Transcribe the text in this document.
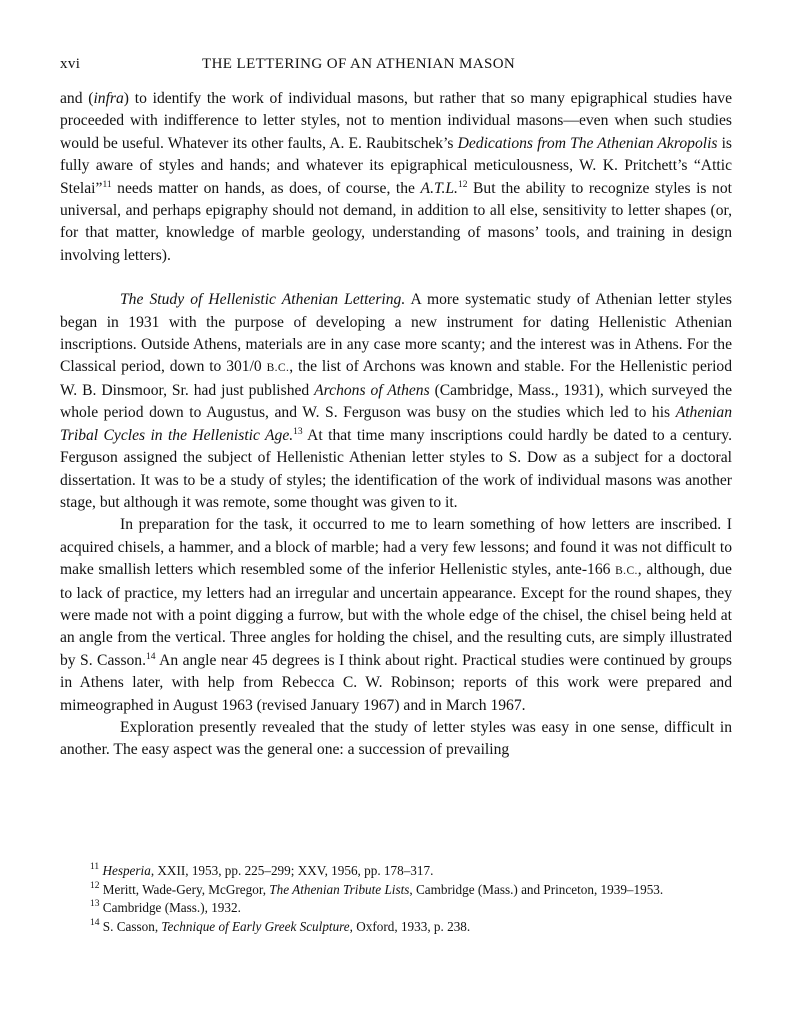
xvi	THE LETTERING OF AN ATHENIAN MASON

and (infra) to identify the work of individual masons, but rather that so many epigraphical studies have proceeded with indifference to letter styles, not to mention individual masons—even when such studies would be useful. Whatever its other faults, A. E. Raubitschek’s Dedications from The Athenian Akropolis is fully aware of styles and hands; and whatever its epigraphical meticulousness, W. K. Pritchett’s “Attic Stelai”$^{11}$ needs matter on hands, as does, of course, the A.T.L.$^{12}$ But the ability to recognize styles is not universal, and perhaps epigraphy should not demand, in addition to all else, sensitivity to letter shapes (or, for that matter, knowledge of marble geology, understanding of masons’ tools, and training in design involving letters).

The Study of Hellenistic Athenian Lettering. A more systematic study of Athenian letter styles began in 1931 with the purpose of developing a new instrument for dating Hellenistic Athenian inscriptions. Outside Athens, materials are in any case more scanty; and the interest was in Athens. For the Classical period, down to 301/0 B.C., the list of Archons was known and stable. For the Hellenistic period W. B. Dinsmoor, Sr. had just published Archons of Athens (Cambridge, Mass., 1931), which surveyed the whole period down to Augustus, and W. S. Ferguson was busy on the studies which led to his Athenian Tribal Cycles in the Hellenistic Age.$^{13}$ At that time many inscriptions could hardly be dated to a century. Ferguson assigned the subject of Hellenistic Athenian letter styles to S. Dow as a subject for a doctoral dissertation. It was to be a study of styles; the identification of the work of individual masons was another stage, but although it was remote, some thought was given to it.

In preparation for the task, it occurred to me to learn something of how letters are inscribed. I acquired chisels, a hammer, and a block of marble; had a very few lessons; and found it was not difficult to make smallish letters which resembled some of the inferior Hellenistic styles, ante-166 B.C., although, due to lack of practice, my letters had an irregular and uncertain appearance. Except for the round shapes, they were made not with a point digging a furrow, but with the whole edge of the chisel, the chisel being held at an angle from the vertical. Three angles for holding the chisel, and the resulting cuts, are simply illustrated by S. Casson.$^{14}$ An angle near 45 degrees is I think about right. Practical studies were continued by groups in Athens later, with help from Rebecca C. W. Robinson; reports of this work were prepared and mimeographed in August 1963 (revised January 1967) and in March 1967.

Exploration presently revealed that the study of letter styles was easy in one sense, difficult in another. The easy aspect was the general one: a succession of prevailing

$^{11}$ Hesperia, XXII, 1953, pp. 225–299; XXV, 1956, pp. 178–317.

$^{12}$ Meritt, Wade-Gery, McGregor, The Athenian Tribute Lists, Cambridge (Mass.) and Princeton, 1939–1953.

$^{13}$ Cambridge (Mass.), 1932.

$^{14}$ S. Casson, Technique of Early Greek Sculpture, Oxford, 1933, p. 238.
